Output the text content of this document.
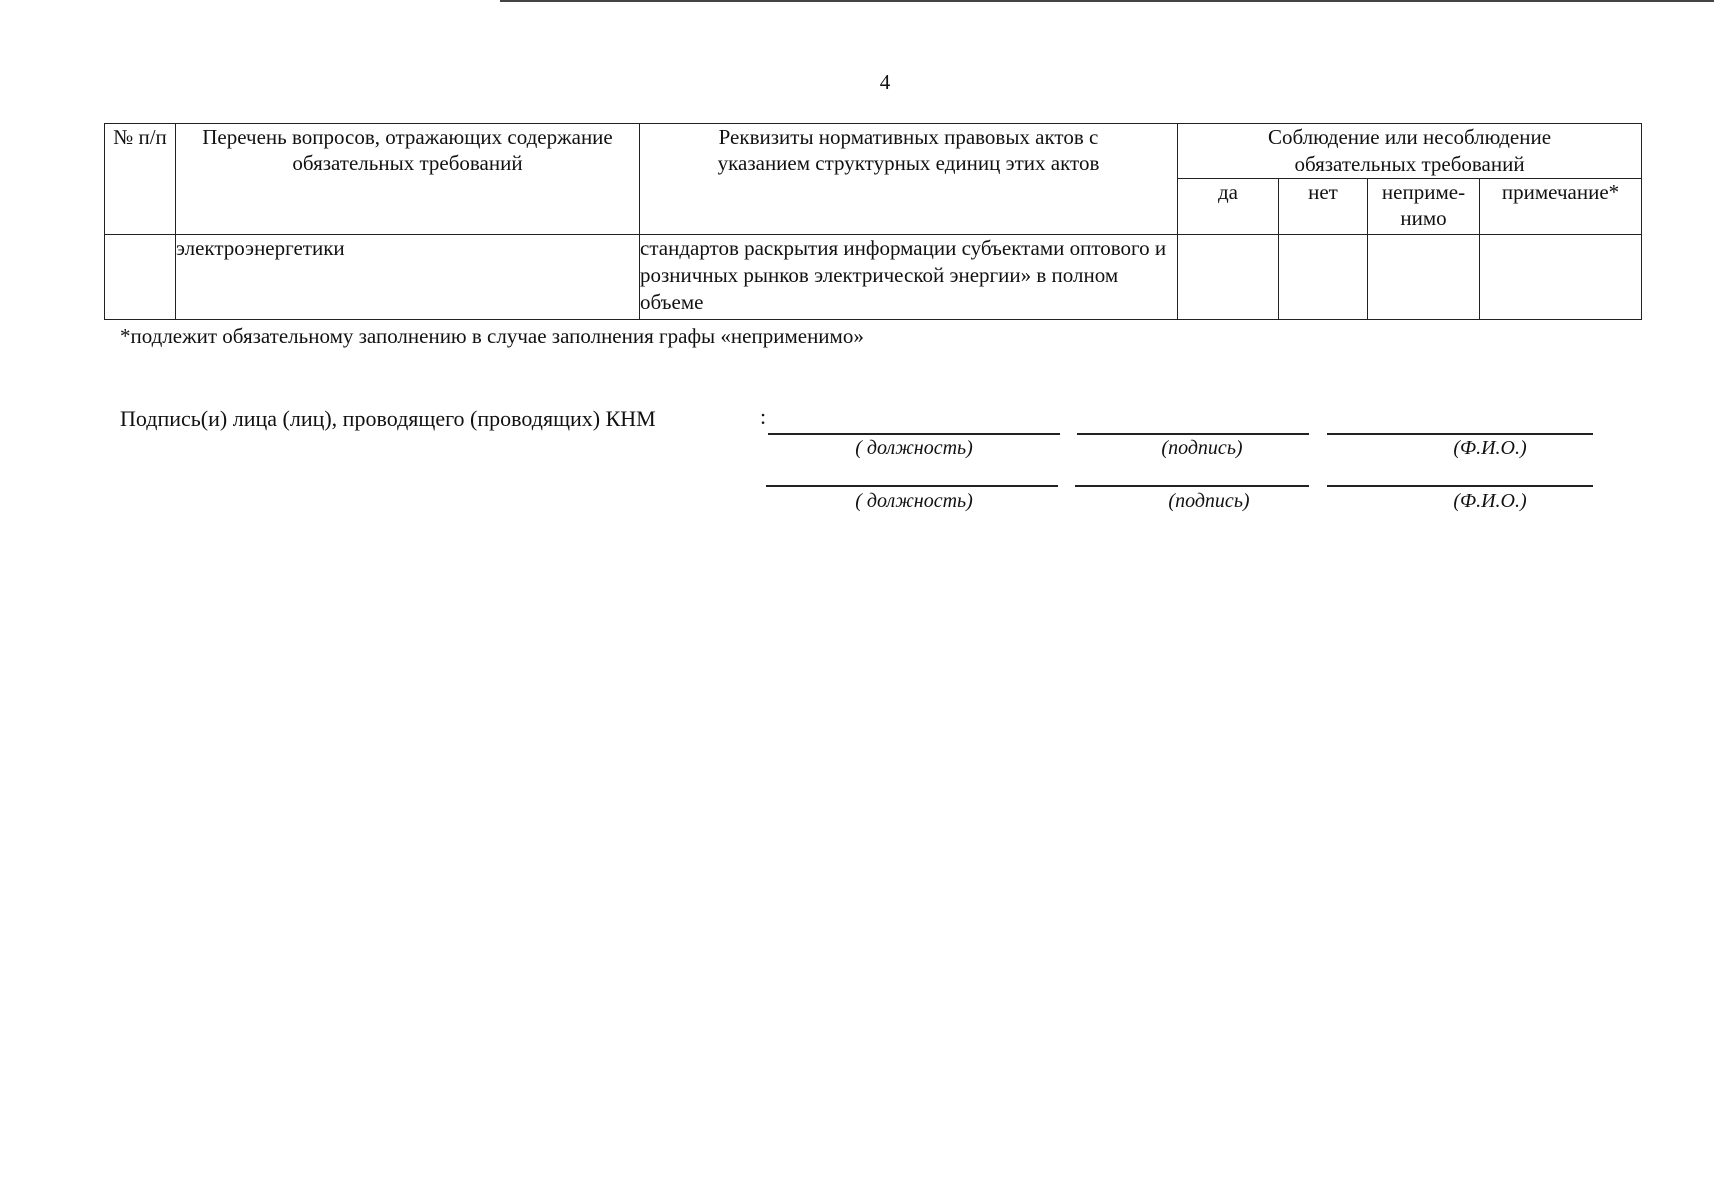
4
№ п/п	Перечень вопросов, отражающих содержание обязательных требований	Реквизиты нормативных правовых актов с указанием структурных единиц этих актов	Соблюдение или несоблюдение обязательных требований			
			да	нет	неприме-нимо	примечание*
	электроэнергетики	стандартов раскрытия информации субъектами оптового и розничных рынков электрической энергии» в полном объеме				
*подлежит обязательному заполнению в случае заполнения графы «неприменимо»
Подпись(и) лица (лиц), проводящего (проводящих) КНМ	:
( должность)	(подпись)	(Ф.И.О.)
( должность)	(подпись)	(Ф.И.О.)
